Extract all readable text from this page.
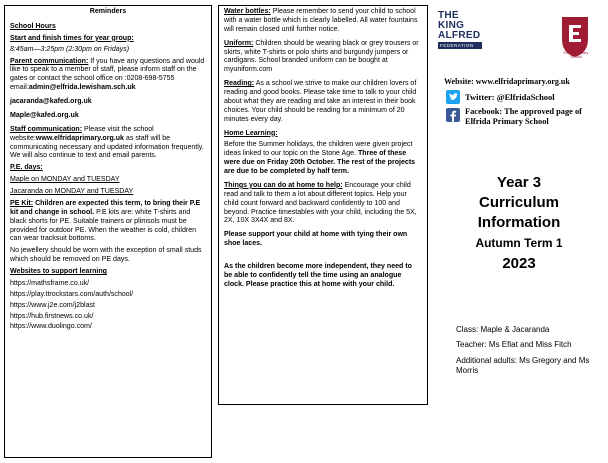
Reminders

School Hours

Start and finish times for year group:

8:45am—3:25pm (2:30pm on Fridays)

Parent communication: If you have any questions and would like to speak to a member of staff, please inform staff on the gates or contact the school office on :0208-698-5755 email:admin@elfrida.lewisham.sch.uk

jacaranda@kafed.org.uk

Maple@kafed.org.uk

Staff communication: Please visit the school website:www.elfridaprimary.org.uk as staff will be communicating necessary and updated information frequently. We will also continue to text and email parents.

P.E. days:

Maple on MONDAY and TUESDAY

Jacaranda on MONDAY and TUESDAY

PE Kit: Children are expected this term, to bring their P.E kit and change in school. P.E kits are: white T-shirts and black shorts for PE. Suitable trainers or plimsols must be provided for outdoor PE. When the weather is cold, children can wear tracksuit bottoms.

No jewellery should be worn with the exception of small studs which should be removed on PE days.

Websites to support learning

https://mathsframe.co.uk/

https://play.ttrockstars.com/auth/school/

https://www.j2e.com/j2blast

https://hub.firstnews.co.uk/

https://www.duolingo.com/

Water bottles: Please remember to send your child to school with a water bottle which is clearly labelled. All water fountains will remain closed until further notice.

Uniform: Children should be wearing black or grey trousers or skirts, white T-shirts or polo shirts and burgundy jumpers or cardigans. School branded uniform can be bought at myuniform.com

Reading: As a school we strive to make our children lovers of reading and good books. Please take time to talk to your child about what they are reading and take an interest in their book choices. Your child should be reading for a minimum of 20 minutes every day.

Home Learning:

Before the Summer holidays, the children were given project ideas linked to our topic on the Stone Age. Three of these were due on Friday 20th October. The rest of the projects are due to be completed by half term.

Things you can do at home to help: Encourage your child read and talk to them a lot about different topics. Help your child count forward and backward confidently to 100 and beyond. Practice timestables with your child, including the 5X, 2X, 10X 3X4X and 8X.

Please support your child at home with tying their own shoe laces.

As the children become more independent, they need to be able to confidently tell the time using an analogue clock. Please practice this at home with your child.

THE
KING
ALFRED
FEDERATION
Elfrida Primary School
Website: www.elfridaprimary.org.uk
Twitter: @ElfridaSchool
Facebook: The approved page of Elfrida Primary School
Year 3
Curriculum
Information
Autumn Term 1
2023

Class: Maple & Jacaranda

Teacher: Ms Efiat and Miss Fitch

Additional adults: Ms Gregory and Ms Morris
